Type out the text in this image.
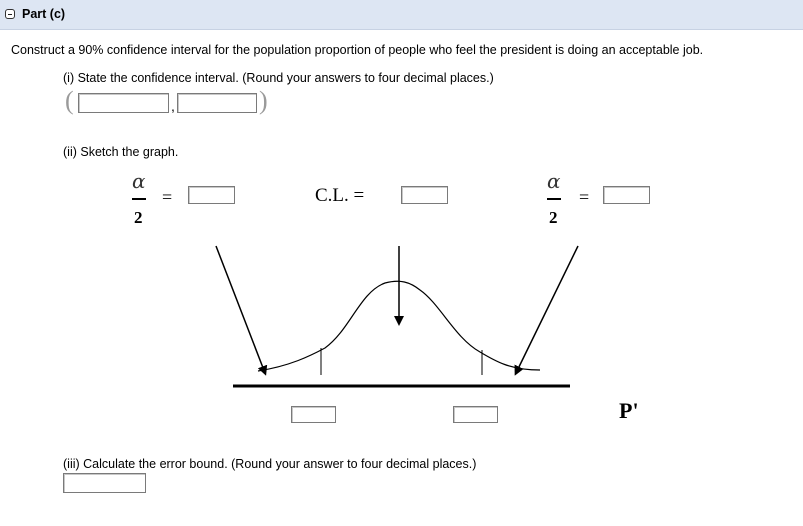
Part (c)
Construct a 90% confidence interval for the population proportion of people who feel the president is doing an acceptable job.
(i) State the confidence interval. (Round your answers to four decimal places.)
(	,	)
(ii) Sketch the graph.
α
2
=	C.L. =
α
2
=
P'
(iii) Calculate the error bound. (Round your answer to four decimal places.)
